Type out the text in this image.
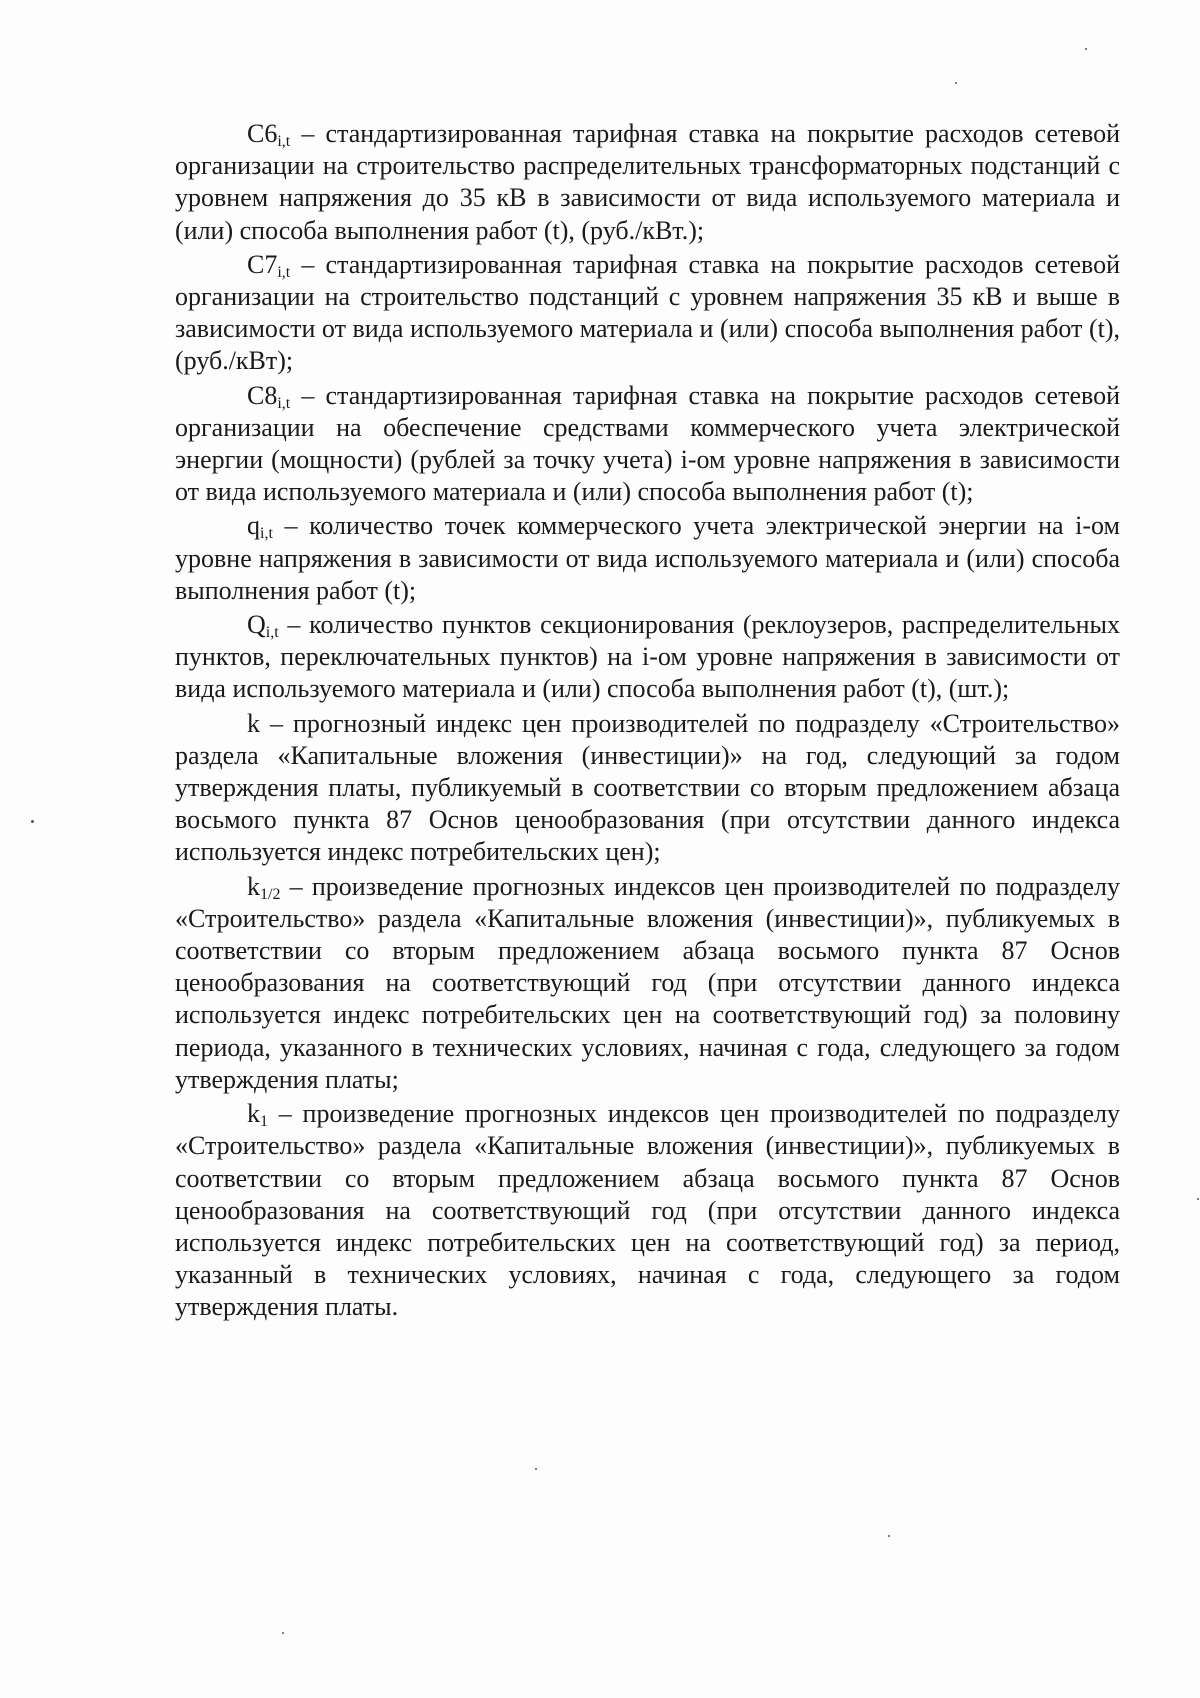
$C6_{i,t}$ – стандартизированная тарифная ставка на покрытие расходов сетевой организации на строительство распределительных трансформаторных подстанций с уровнем напряжения до 35 кВ в зависимости от вида используемого материала и (или) способа выполнения работ (t), (руб./кВт.);

$C7_{i,t}$ – стандартизированная тарифная ставка на покрытие расходов сетевой организации на строительство подстанций с уровнем напряжения 35 кВ и выше в зависимости от вида используемого материала и (или) способа выполнения работ (t), (руб./кВт);

$C8_{i,t}$ – стандартизированная тарифная ставка на покрытие расходов сетевой организации на обеспечение средствами коммерческого учета электрической энергии (мощности) (рублей за точку учета) i-ом уровне напряжения в зависимости от вида используемого материала и (или) способа выполнения работ (t);

$q_{i,t}$ – количество точек коммерческого учета электрической энергии на i-ом уровне напряжения в зависимости от вида используемого материала и (или) способа выполнения работ (t);

$Q_{i,t}$ – количество пунктов секционирования (реклоузеров, распределительных пунктов, переключательных пунктов) на i-ом уровне напряжения в зависимости от вида используемого материала и (или) способа выполнения работ (t), (шт.);

k – прогнозный индекс цен производителей по подразделу «Строительство» раздела «Капитальные вложения (инвестиции)» на год, следующий за годом утверждения платы, публикуемый в соответствии со вторым предложением абзаца восьмого пункта 87 Основ ценообразования (при отсутствии данного индекса используется индекс потребительских цен);

$k_{1/2}$ – произведение прогнозных индексов цен производителей по подразделу «Строительство» раздела «Капитальные вложения (инвестиции)», публикуемых в соответствии со вторым предложением абзаца восьмого пункта 87 Основ ценообразования на соответствующий год (при отсутствии данного индекса используется индекс потребительских цен на соответствующий год) за половину периода, указанного в технических условиях, начиная с года, следующего за годом утверждения платы;

$k_1$ – произведение прогнозных индексов цен производителей по подразделу «Строительство» раздела «Капитальные вложения (инвестиции)», публикуемых в соответствии со вторым предложением абзаца восьмого пункта 87 Основ ценообразования на соответствующий год (при отсутствии данного индекса используется индекс потребительских цен на соответствующий год) за период, указанный в технических условиях, начиная с года, следующего за годом утверждения платы.
